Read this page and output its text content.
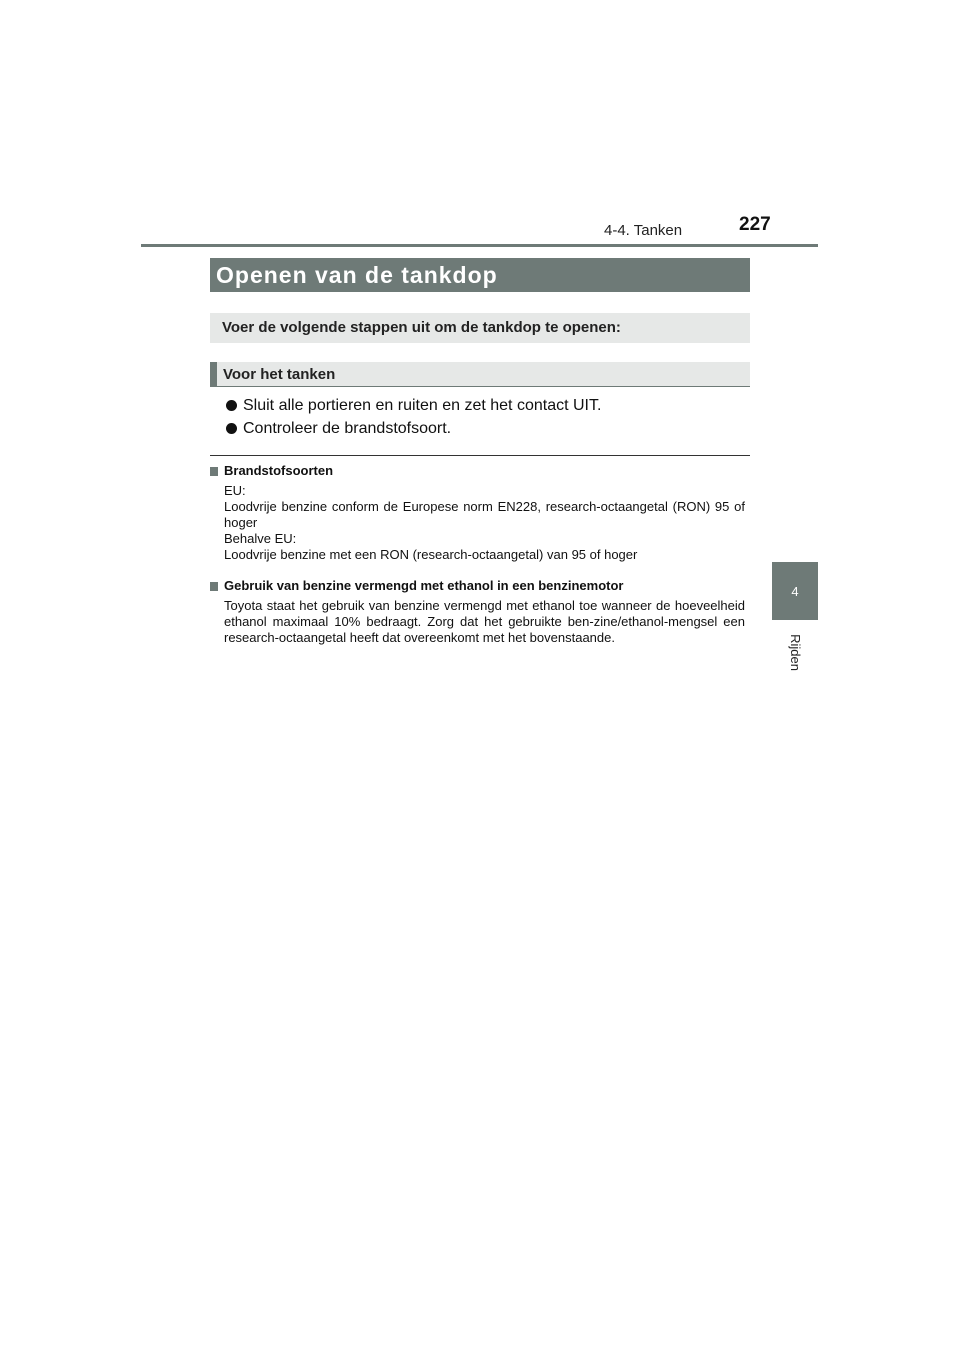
4-4. Tanken	227
4
Rijden
Openen van de tankdop
Voer de volgende stappen uit om de tankdop te openen:
Voor het tanken
Sluit alle portieren en ruiten en zet het contact UIT.
Controleer de brandstofsoort.
Brandstofsoorten

EU:

Loodvrije benzine conform de Europese norm EN228, research-octaangetal (RON) 95 of hoger

Behalve EU:

Loodvrije benzine met een RON (research-octaangetal) van 95 of hoger

Gebruik van benzine vermengd met ethanol in een benzinemotor

Toyota staat het gebruik van benzine vermengd met ethanol toe wanneer de hoeveelheid ethanol maximaal 10% bedraagt. Zorg dat het gebruikte ben-zine/ethanol-mengsel een research-octaangetal heeft dat overeenkomt met het bovenstaande.
